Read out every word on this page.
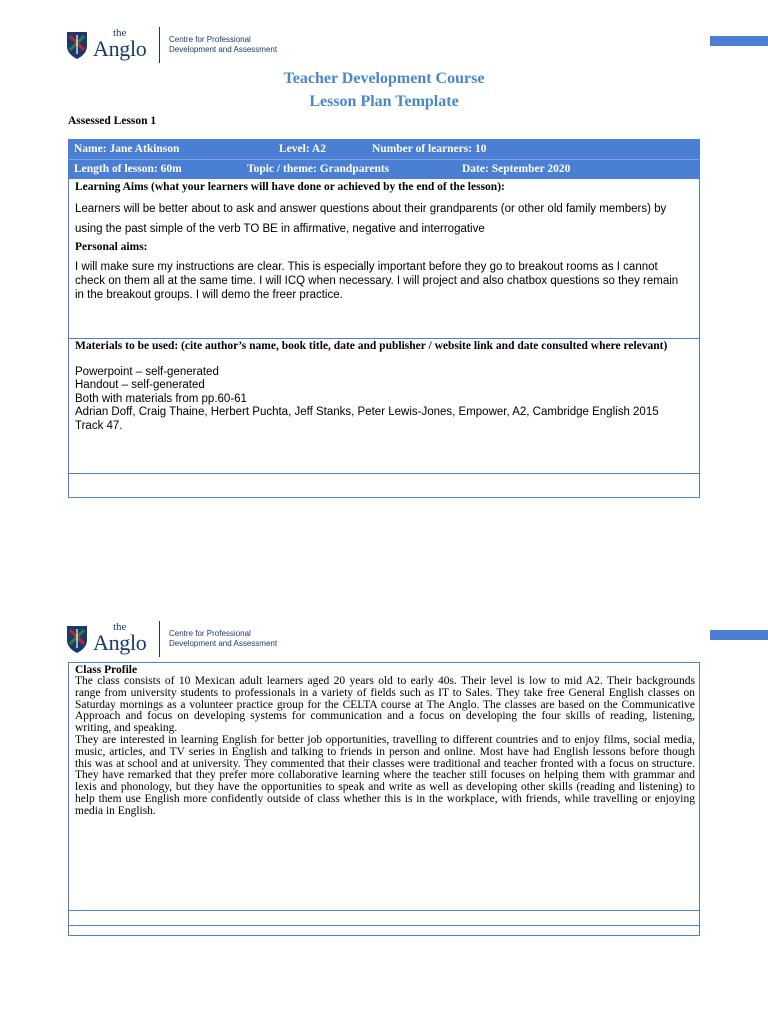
the
Anglo	Centre for Professional
Development and Assessment
Teacher Development Course
Lesson Plan Template
Assessed Lesson 1
Name: Jane Atkinson	Level: A2	Number of learners: 10
Length of lesson: 60m	Topic / theme: Grandparents	Date: September 2020
Learning Aims (what your learners will have done or achieved by the end of the lesson):
Learners will be better about to ask and answer questions about their grandparents (or other old family members) by
using the past simple of the verb TO BE in affirmative, negative and interrogative
Personal aims:
I will make sure my instructions are clear. This is especially important before they go to breakout rooms as I cannot
check on them all at the same time. I will ICQ when necessary. I will project and also chatbox questions so they remain
in the breakout groups. I will demo the freer practice.
Materials to be used: (cite author’s name, book title, date and publisher / website link and date consulted where relevant)
Powerpoint – self-generated
Handout – self-generated
Both with materials from pp.60-61
Adrian Doff, Craig Thaine, Herbert Puchta, Jeff Stanks, Peter Lewis-Jones, Empower, A2, Cambridge English 2015
Track 47.
the
Anglo	Centre for Professional
Development and Assessment
Class Profile
The class consists of 10 Mexican adult learners aged 20 years old to early 40s. Their level is low to mid A2. Their backgrounds
range from university students to professionals in a variety of fields such as IT to Sales. They take free General English classes on
Saturday mornings as a volunteer practice group for the CELTA course at The Anglo. The classes are based on the Communicative
Approach and focus on developing systems for communication and a focus on developing the four skills of reading, listening,
writing, and speaking.
They are interested in learning English for better job opportunities, travelling to different countries and to enjoy films, social media,
music, articles, and TV series in English and talking to friends in person and online. Most have had English lessons before though
this was at school and at university. They commented that their classes were traditional and teacher fronted with a focus on structure.
They have remarked that they prefer more collaborative learning where the teacher still focuses on helping them with grammar and
lexis and phonology, but they have the opportunities to speak and write as well as developing other skills (reading and listening) to
help them use English more confidently outside of class whether this is in the workplace, with friends, while travelling or enjoying
media in English.
